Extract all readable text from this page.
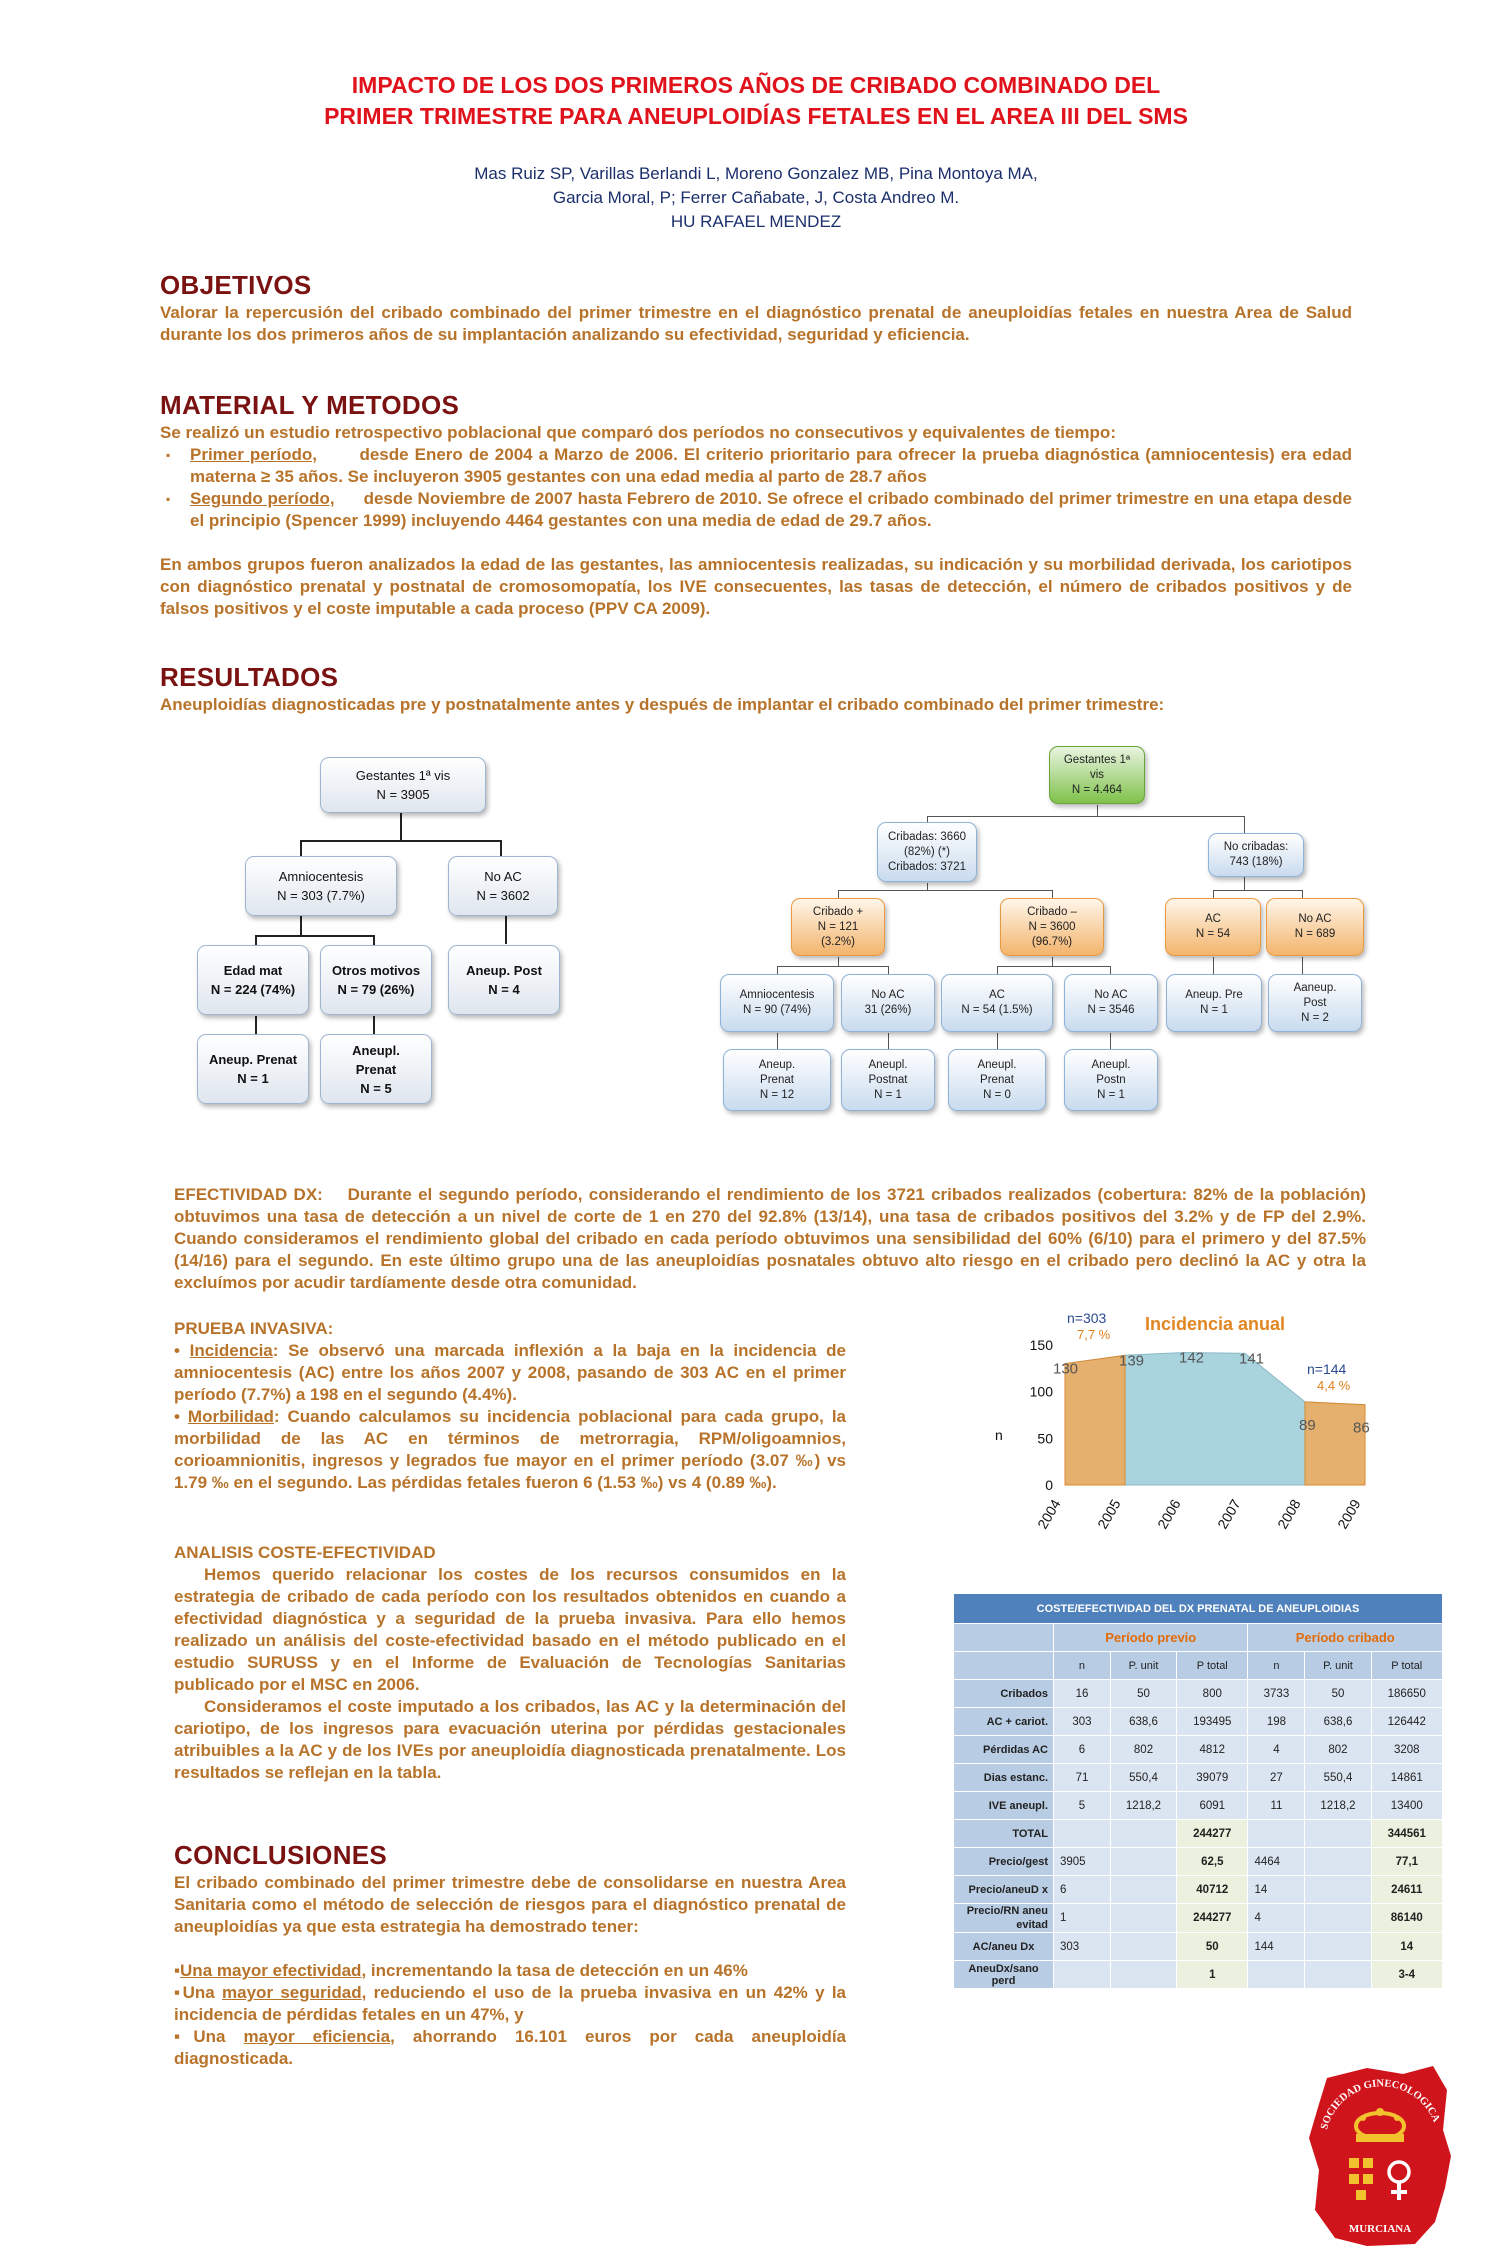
IMPACTO DE LOS DOS PRIMEROS AÑOS DE CRIBADO COMBINADO DEL
PRIMER TRIMESTRE PARA ANEUPLOIDÍAS FETALES EN EL AREA III DEL SMS
Mas Ruiz SP, Varillas Berlandi L, Moreno Gonzalez MB, Pina Montoya MA,
Garcia Moral, P; Ferrer Cañabate, J, Costa Andreo M.
HU RAFAEL MENDEZ
OBJETIVOS
Valorar la repercusión del cribado combinado del primer trimestre en el diagnóstico prenatal de aneuploidías fetales en nuestra Area de Salud durante los dos primeros años de su implantación analizando su efectividad, seguridad y eficiencia.
MATERIAL Y METODOS

Se realizó un estudio retrospectivo poblacional que comparó dos períodos no consecutivos y equivalentes de tiempo:

▪	Primer período, desde Enero de 2004 a Marzo de 2006. El criterio prioritario para ofrecer la prueba diagnóstica (amniocentesis) era edad materna ≥ 35 años. Se incluyeron 3905 gestantes con una edad media al parto de 28.7 años
▪	Segundo período, desde Noviembre de 2007 hasta Febrero de 2010. Se ofrece el cribado combinado del primer trimestre en una etapa desde el principio (Spencer 1999) incluyendo 4464 gestantes con una media de edad de 29.7 años.

En ambos grupos fueron analizados la edad de las gestantes, las amniocentesis realizadas, su indicación y su morbilidad derivada, los cariotipos con diagnóstico prenatal y postnatal de cromosomopatía, los IVE consecuentes, las tasas de detección, el número de cribados positivos y de falsos positivos y el coste imputable a cada proceso (PPV CA 2009).

RESULTADOS
Aneuploidías diagnosticadas pre y postnatalmente antes y después de implantar el cribado combinado del primer trimestre:
Gestantes 1ª vis
N = 3905
Amniocentesis
N = 303 (7.7%)
No AC
N = 3602
Edad mat
N = 224 (74%)
Otros motivos
N = 79 (26%)
Aneup. Post
N = 4
Aneup. Prenat
N = 1
Aneupl.
Prenat
N = 5
Gestantes 1ª
vis
N = 4.464
Cribadas: 3660
(82%) (*)
Cribados: 3721
No cribadas:
743 (18%)
Cribado +
N = 121
(3.2%)
Cribado –
N = 3600
(96.7%)
AC
N = 54
No AC
N = 689
Amniocentesis
N = 90 (74%)
No AC
31 (26%)
AC
N = 54 (1.5%)
No AC
N = 3546
Aneup. Pre
N = 1
Aaneup.
Post
N = 2
Aneup.
Prenat
N = 12
Aneupl.
Postnat
N = 1
Aneupl.
Prenat
N = 0
Aneupl.
Postn
N = 1
EFECTIVIDAD DX: Durante el segundo período, considerando el rendimiento de los 3721 cribados realizados (cobertura: 82% de la población) obtuvimos una tasa de detección a un nivel de corte de 1 en 270 del 92.8% (13/14), una tasa de cribados positivos del 3.2% y de FP del 2.9%. Cuando consideramos el rendimiento global del cribado en cada período obtuvimos una sensibilidad del 60% (6/10) para el primero y del 87.5% (14/16) para el segundo. En este último grupo una de las aneuploidías posnatales obtuvo alto riesgo en el cribado pero declinó la AC y otra la excluímos por acudir tardíamente desde otra comunidad.

PRUEBA INVASIVA:

• Incidencia: Se observó una marcada inflexión a la baja en la incidencia de amniocentesis (AC) entre los años 2007 y 2008, pasando de 303 AC en el primer período (7.7%) a 198 en el segundo (4.4%).

• Morbilidad: Cuando calculamos su incidencia poblacional para cada grupo, la morbilidad de las AC en términos de metrorragia, RPM/oligoamnios, corioamnionitis, ingresos y legrados fue mayor en el primer período (3.07 ‰) vs 1.79 ‰ en el segundo. Las pérdidas fetales fueron 6 (1.53 ‰) vs 4 (0.89 ‰).

ANALISIS COSTE-EFECTIVIDAD

Hemos querido relacionar los costes de los recursos consumidos en la estrategia de cribado de cada período con los resultados obtenidos en cuando a efectividad diagnóstica y a seguridad de la prueba invasiva. Para ello hemos realizado un análisis del coste-efectividad basado en el método publicado en el estudio SURUSS y en el Informe de Evaluación de Tecnologías Sanitarias publicado por el MSC en 2006.

Consideramos el coste imputado a los cribados, las AC y la determinación del cariotipo, de los ingresos para evacuación uterina por pérdidas gestacionales atribuibles a la AC y de los IVEs por aneuploidía diagnosticada prenatalmente. Los resultados se reflejan en la tabla.

CONCLUSIONES

El cribado combinado del primer trimestre debe de consolidarse en nuestra Area Sanitaria como el método de selección de riesgos para el diagnóstico prenatal de aneuploidías ya que esta estrategia ha demostrado tener:

▪Una mayor efectividad, incrementando la tasa de detección en un 46%

▪Una mayor seguridad, reduciendo el uso de la prueba invasiva en un 42% y la incidencia de pérdidas fetales en un 47%, y

▪Una mayor eficiencia, ahorrando 16.101 euros por cada aneuploidía diagnosticada.

Incidencia anual
n=303
7,7 %
n=144
4,4 %
0
50
100
150
n
2004 2005 2006 2007 2008 2009
130	139 142 141
89 86
COSTE/EFECTIVIDAD DEL DX PRENATAL DE ANEUPLOIDIAS						
	Período previo			Período cribado		
	n	P. unit	P total	n	P. unit	P total
Cribados	16	50	800	3733	50	186650
AC + cariot.	303	638,6	193495	198	638,6	126442
Pérdidas AC	6	802	4812	4	802	3208
Dias estanc.	71	550,4	39079	27	550,4	14861
IVE aneupl.	5	1218,2	6091	11	1218,2	13400
TOTAL			244277			344561
Precio/gest	3905		62,5	4464		77,1
Precio/aneuD x	6		40712	14		24611
Precio/RN aneu evitad	1		244277	4		86140
AC/aneu Dx	303		50	144		14
AneuDx/sano perd			1			3-4
SOCIEDAD GINECOLOGICA
MURCIANA
